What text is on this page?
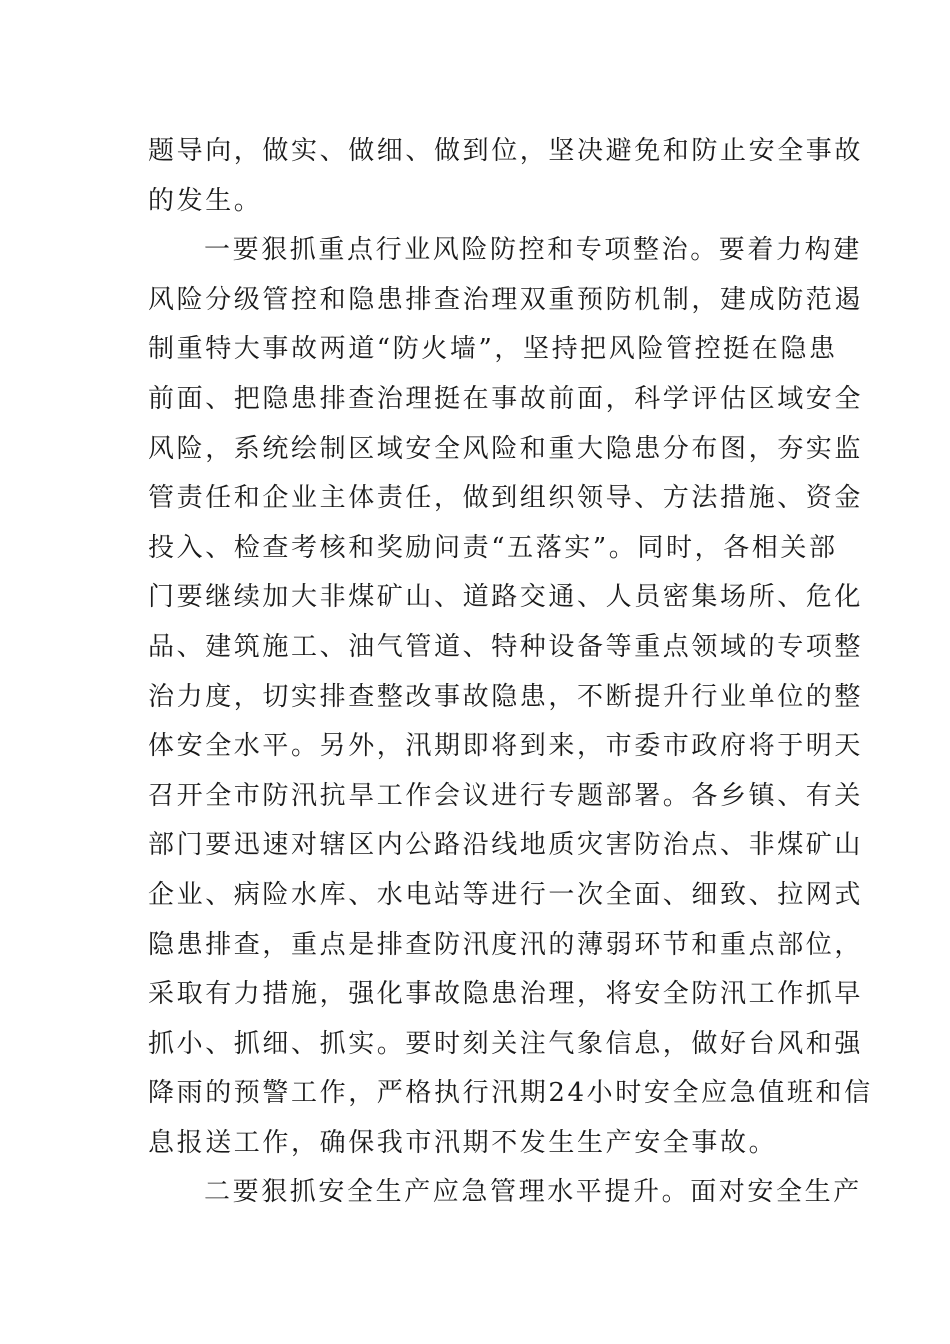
题导向，做实、做细、做到位，坚决避免和防止安全事故
的发生。
一要狠抓重点行业风险防控和专项整治。要着力构建
风险分级管控和隐患排查治理双重预防机制，建成防范遏
制重特大事故两道“防火墙”，坚持把风险管控挺在隐患
前面、把隐患排查治理挺在事故前面，科学评估区域安全
风险，系统绘制区域安全风险和重大隐患分布图，夯实监
管责任和企业主体责任，做到组织领导、方法措施、资金
投入、检查考核和奖励问责“五落实”。同时，各相关部
门要继续加大非煤矿山、道路交通、人员密集场所、危化
品、建筑施工、油气管道、特种设备等重点领域的专项整
治力度，切实排查整改事故隐患，不断提升行业单位的整
体安全水平。另外，汛期即将到来，市委市政府将于明天
召开全市防汛抗旱工作会议进行专题部署。各乡镇、有关
部门要迅速对辖区内公路沿线地质灾害防治点、非煤矿山
企业、病险水库、水电站等进行一次全面、细致、拉网式
隐患排查，重点是排查防汛度汛的薄弱环节和重点部位，
采取有力措施，强化事故隐患治理，将安全防汛工作抓早
抓小、抓细、抓实。要时刻关注气象信息，做好台风和强
降雨的预警工作，严格执行汛期24小时安全应急值班和信
息报送工作，确保我市汛期不发生生产安全事故。
二要狠抓安全生产应急管理水平提升。面对安全生产
